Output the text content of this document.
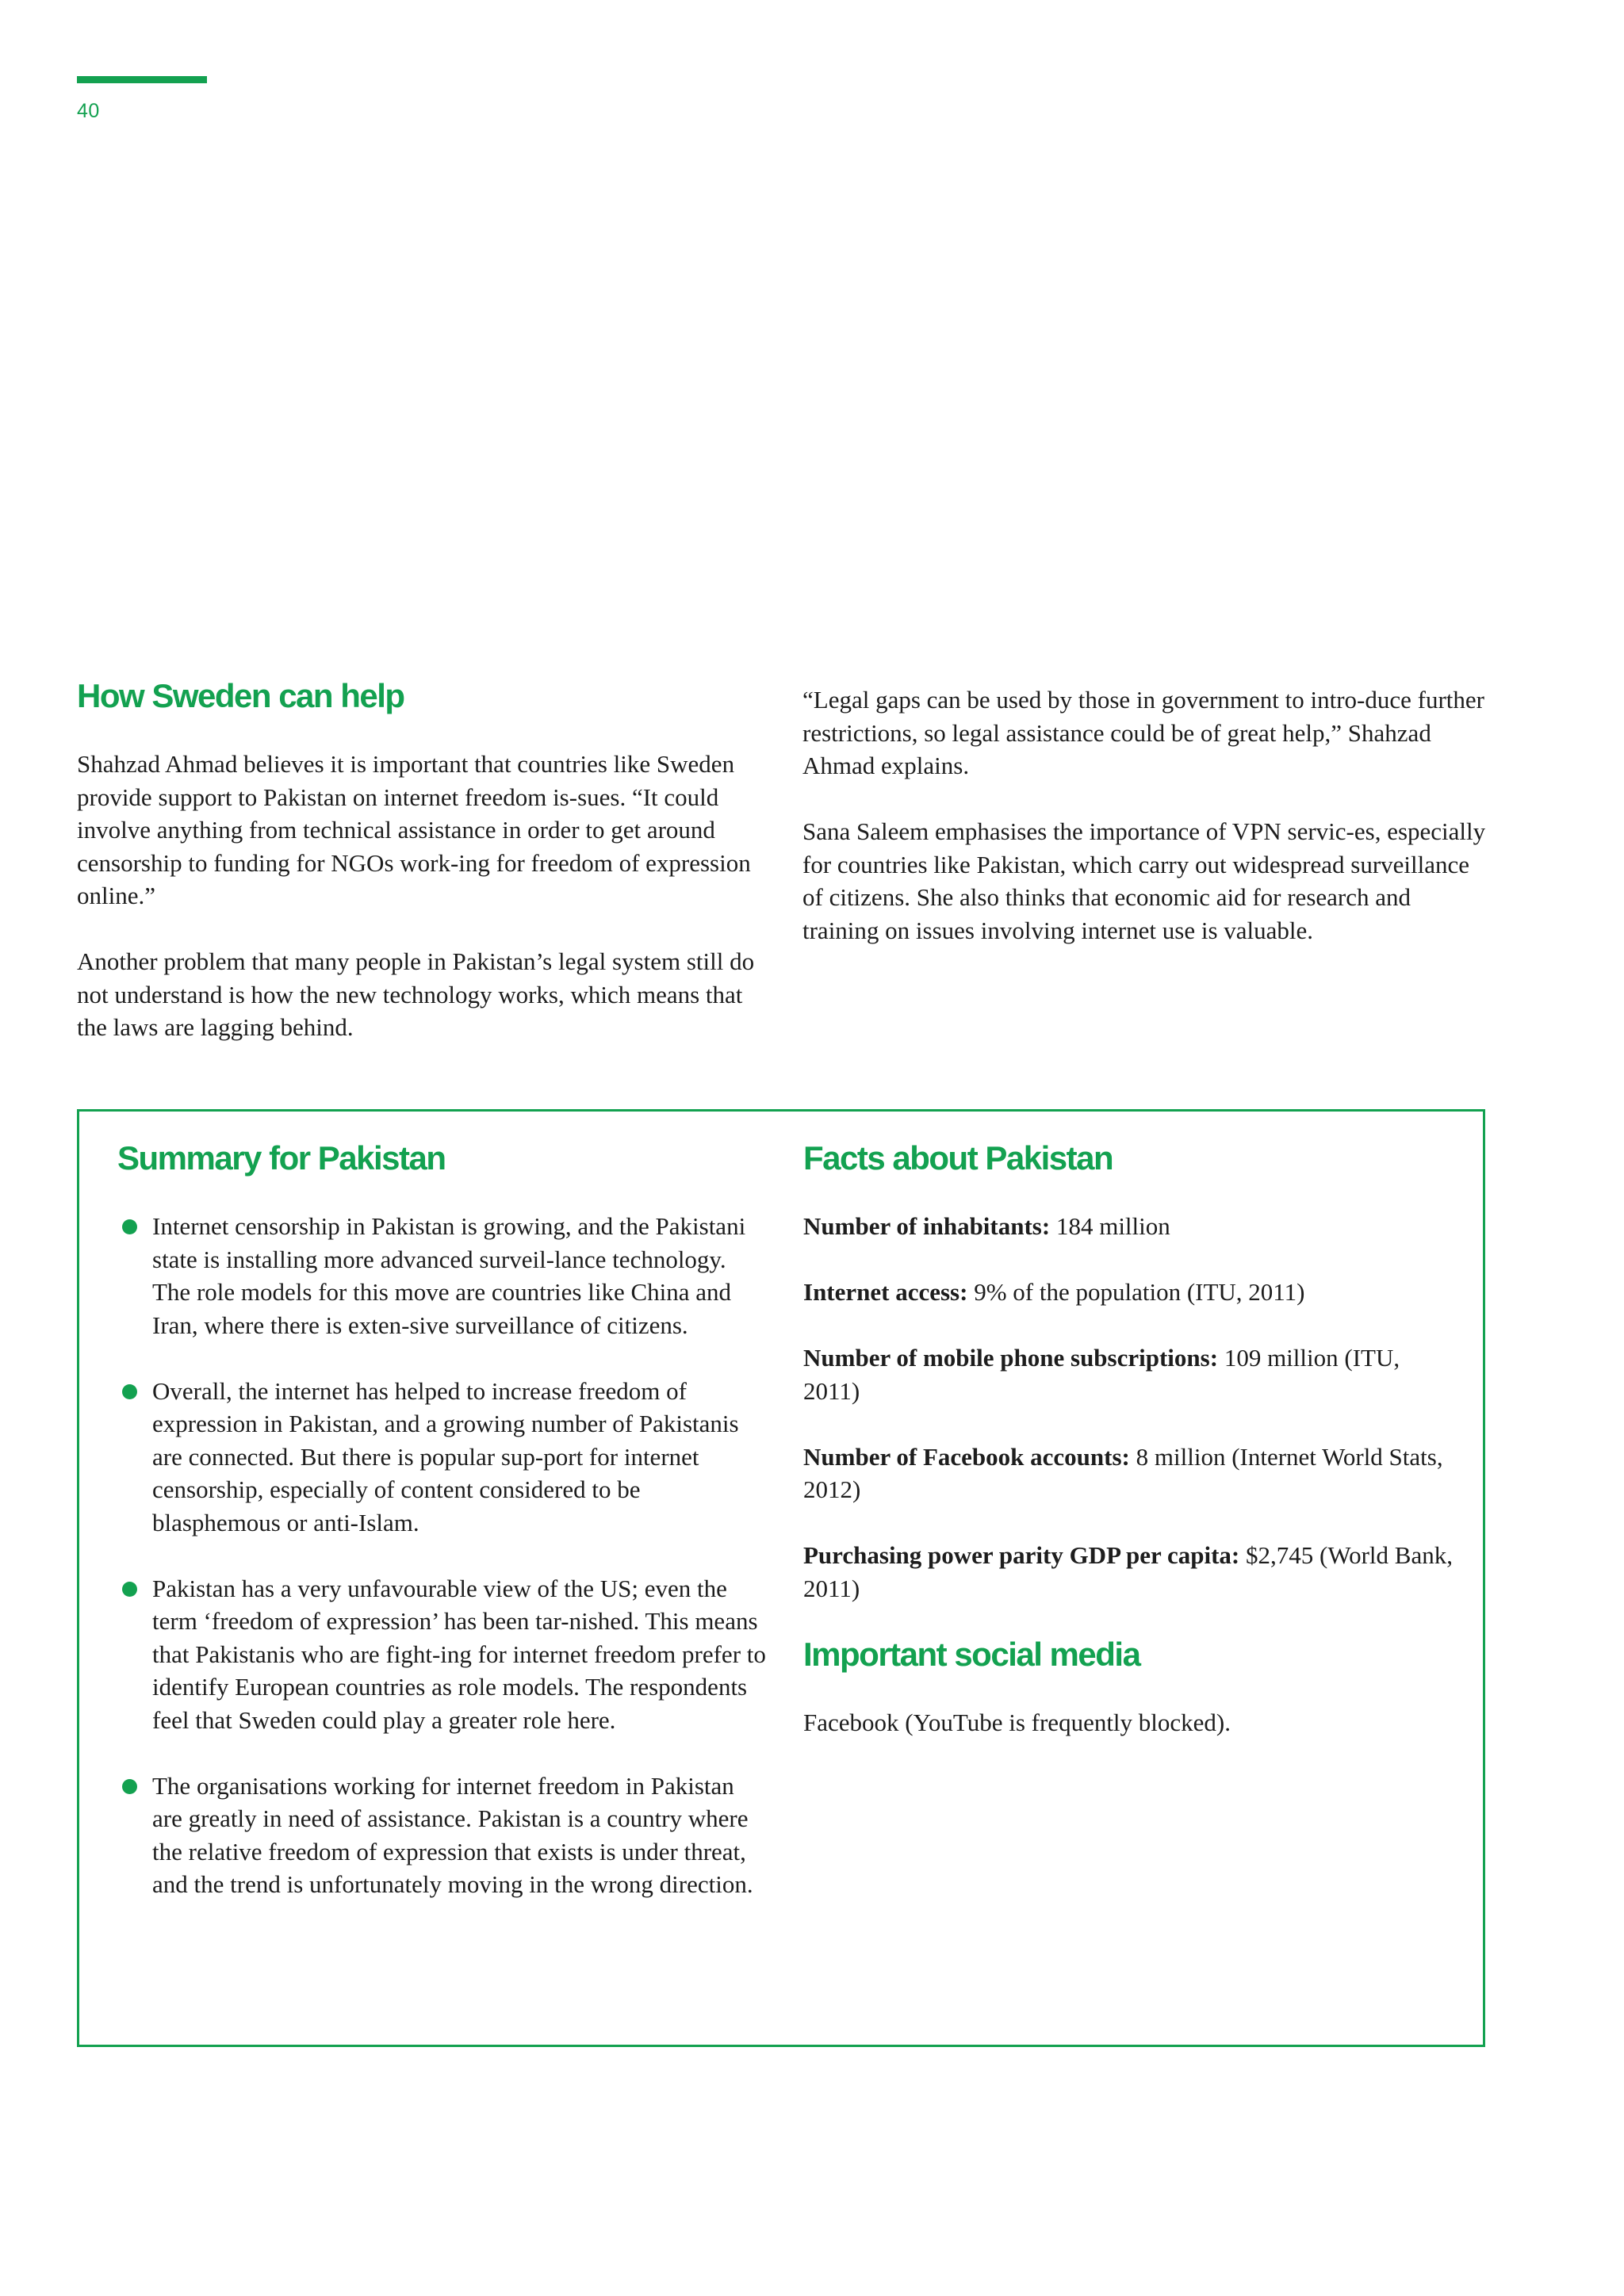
40
How Sweden can help

Shahzad Ahmad believes it is important that countries like Sweden provide support to Pakistan on internet freedom is-sues. “It could involve anything from technical assistance in order to get around censorship to funding for NGOs work-ing for freedom of expression online.”

Another problem that many people in Pakistan’s legal system still do not understand is how the new technology works, which means that the laws are lagging behind.

“Legal gaps can be used by those in government to intro-duce further restrictions, so legal assistance could be of great help,” Shahzad Ahmad explains.

Sana Saleem emphasises the importance of VPN servic-es, especially for countries like Pakistan, which carry out widespread surveillance of citizens. She also thinks that economic aid for research and training on issues involving internet use is valuable.

Summary for Pakistan
Internet censorship in Pakistan is growing, and the Pakistani state is installing more advanced surveil-lance technology. The role models for this move are countries like China and Iran, where there is exten-sive surveillance of citizens.
Overall, the internet has helped to increase freedom of expression in Pakistan, and a growing number of Pakistanis are connected. But there is popular sup-port for internet censorship, especially of content considered to be blasphemous or anti-Islam.
Pakistan has a very unfavourable view of the US; even the term ‘freedom of expression’ has been tar-nished. This means that Pakistanis who are fight-ing for internet freedom prefer to identify European countries as role models. The respondents feel that Sweden could play a greater role here.
The organisations working for internet freedom in Pakistan are greatly in need of assistance. Pakistan is a country where the relative freedom of expression that exists is under threat, and the trend is unfortunately moving in the wrong direction.
Facts about Pakistan

Number of inhabitants: 184 million

Internet access: 9% of the population (ITU, 2011)

Number of mobile phone subscriptions: 109 million (ITU, 2011)

Number of Facebook accounts: 8 million (Internet World Stats, 2012)

Purchasing power parity GDP per capita: $2,745 (World Bank, 2011)

Important social media

Facebook (YouTube is frequently blocked).
